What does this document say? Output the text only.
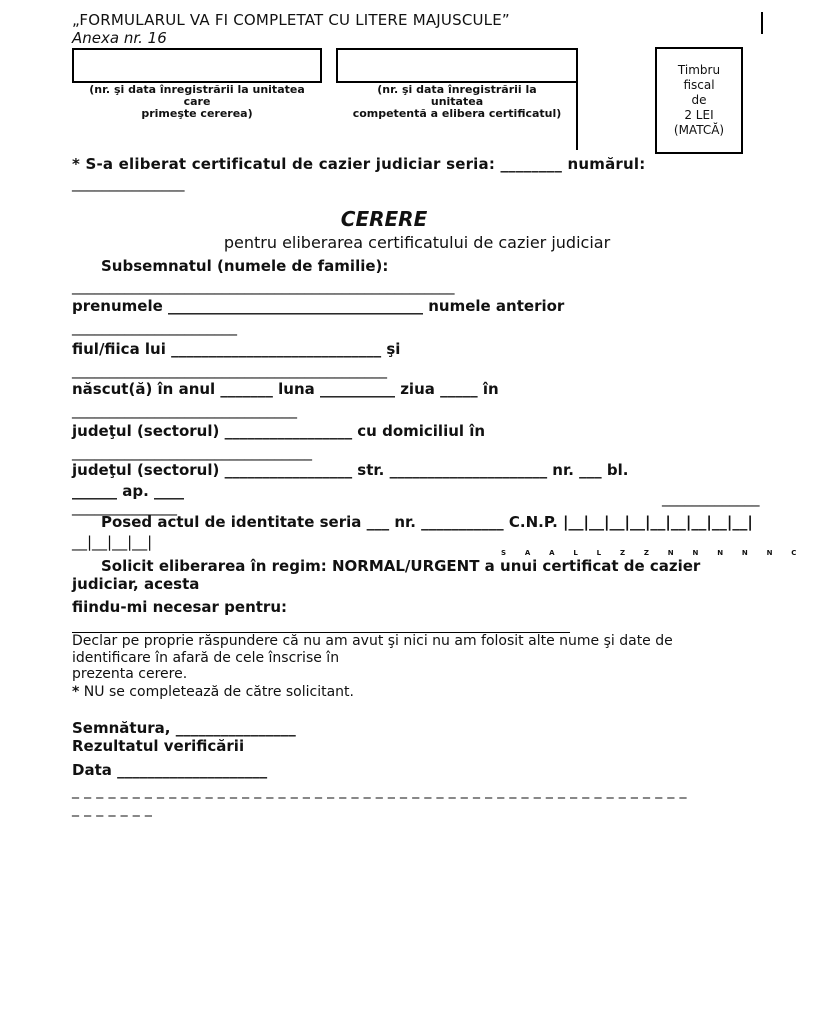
„FORMULARUL VA FI COMPLETAT CU LITERE MAJUSCULE”
Anexa nr. 16
(nr. şi data înregistrării la unitatea
care
primeşte cererea)
(nr. şi data înregistrării la
unitatea
competentă a elibera certificatul)
Timbru
fiscal
de
2 LEI
(MATCĂ)
* S-a eliberat certificatul de cazier judiciar seria: ________ numărul:
_______________
CERERE
pentru eliberarea certificatului de cazier judiciar
Subsemnatul (numele de familie):
___________________________________________________
prenumele __________________________________ numele anterior
______________________
fiul/fiica lui ____________________________ şi
__________________________________________
născut(ă) în anul _______ luna __________ ziua _____ în
______________________________
judeţul (sectorul) _________________ cu domiciliul în
________________________________
judeţul (sectorul) _________________ str. _____________________ nr. ___ bl.
______ ap. ____	_____________
______________
Posed actul de identitate seria ___ nr. ___________ C.N.P. |__|__|__|__|__|__|__|__|__|
__|__|__|__|
S A A L L Z Z N N N N N C
Solicit eliberarea în regim: NORMAL/URGENT a unui certificat de cazier
judiciar, acesta
fiindu-mi necesar pentru:
Declar pe proprie răspundere că nu am avut şi nici nu am folosit alte nume şi date de
identificare în afară de cele înscrise în
prezenta cerere.
* NU se completează de către solicitant.
Semnătura, ________________
Rezultatul verificării
Data ____________________
_ _ _ _ _ _ _ _ _ _ _ _ _ _ _ _ _ _ _ _ _ _ _ _ _ _ _ _ _ _ _ _ _ _ _ _ _ _ _ _ _ _ _ _ _ _ _ _ _ _ _
_ _ _ _ _ _ _
